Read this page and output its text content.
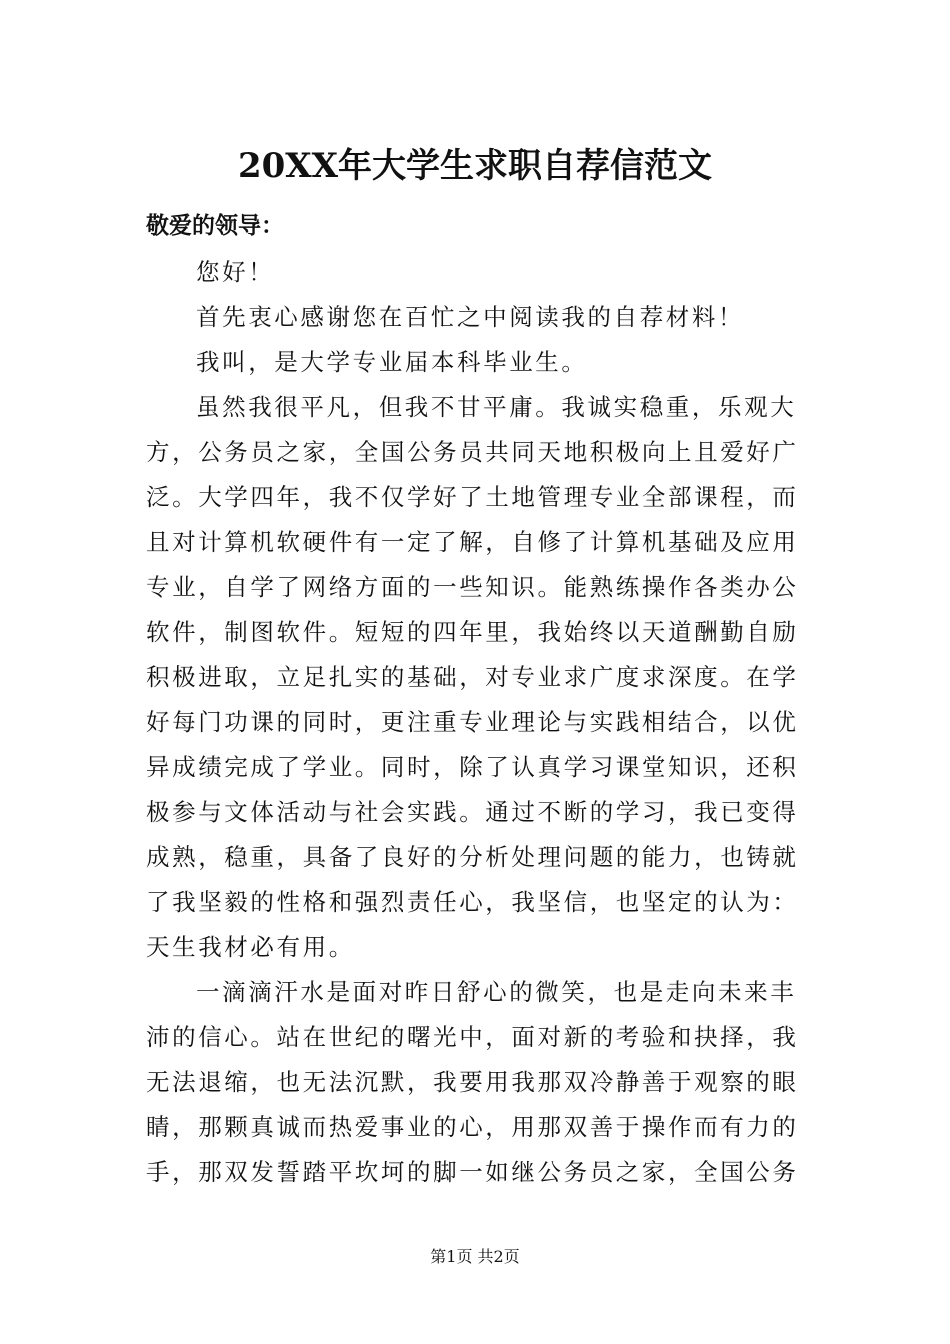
20XX年大学生求职自荐信范文

敬爱的领导：

您好！

首先衷心感谢您在百忙之中阅读我的自荐材料！

我叫，是大学专业届本科毕业生。

虽然我很平凡，但我不甘平庸。我诚实稳重，乐观大

方，公务员之家，全国公务员共同天地积极向上且爱好广

泛。大学四年，我不仅学好了土地管理专业全部课程，而

且对计算机软硬件有一定了解，自修了计算机基础及应用

专业，自学了网络方面的一些知识。能熟练操作各类办公

软件，制图软件。短短的四年里，我始终以天道酬勤自励

积极进取，立足扎实的基础，对专业求广度求深度。在学

好每门功课的同时，更注重专业理论与实践相结合，以优

异成绩完成了学业。同时，除了认真学习课堂知识，还积

极参与文体活动与社会实践。通过不断的学习，我已变得

成熟，稳重，具备了良好的分析处理问题的能力，也铸就

了我坚毅的性格和强烈责任心，我坚信，也坚定的认为：

天生我材必有用。

一滴滴汗水是面对昨日舒心的微笑，也是走向未来丰

沛的信心。站在世纪的曙光中，面对新的考验和抉择，我

无法退缩，也无法沉默，我要用我那双冷静善于观察的眼

睛，那颗真诚而热爱事业的心，用那双善于操作而有力的

手，那双发誓踏平坎坷的脚一如继公务员之家，全国公务

第1页 共2页
